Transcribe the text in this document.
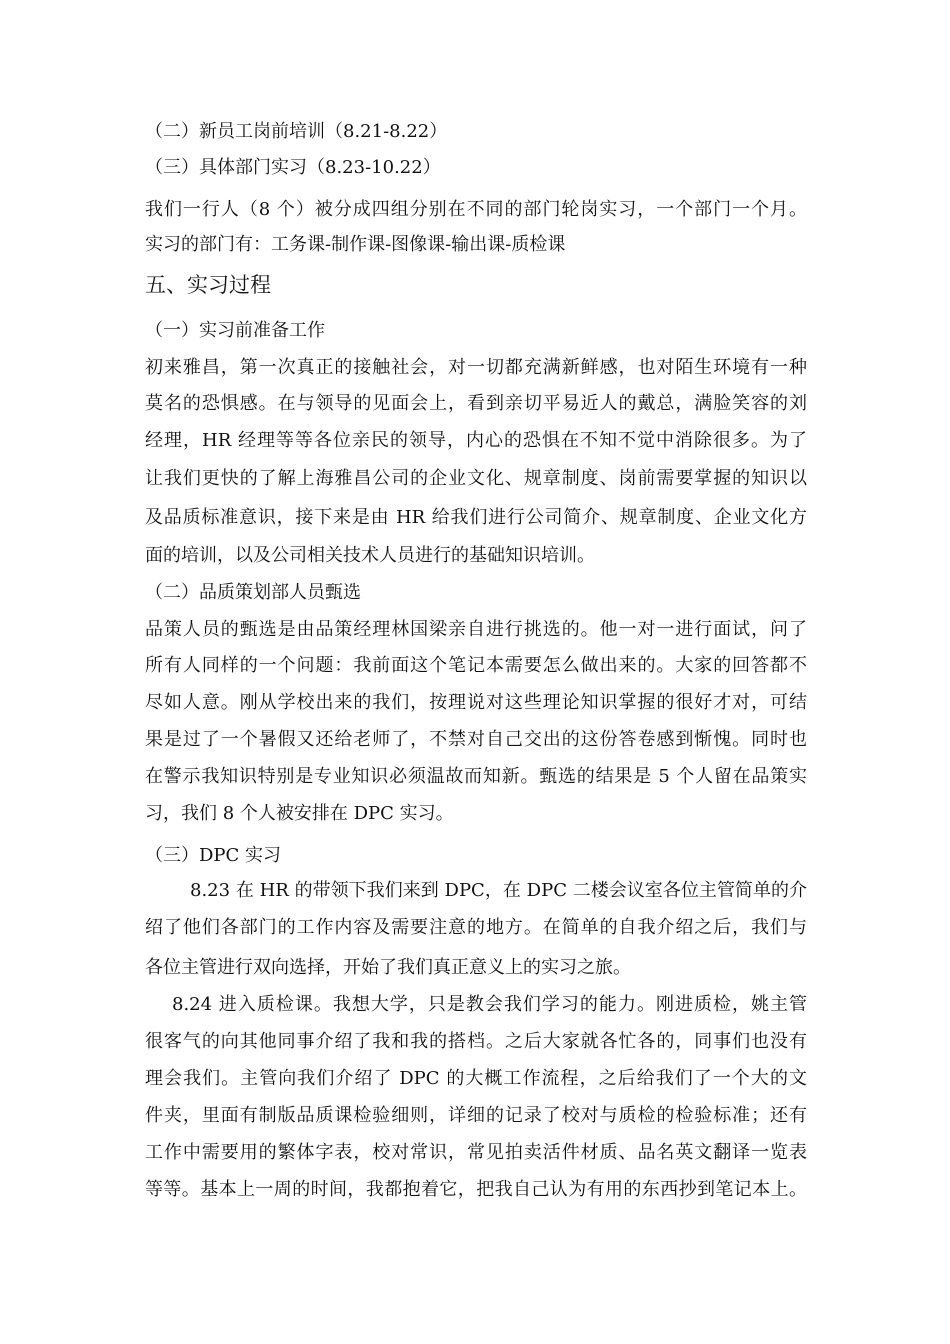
（二）新员工岗前培训（8.21-8.22）
（三）具体部门实习（8.23-10.22）
我们一行人（8 个）被分成四组分别在不同的部门轮岗实习，一个部门一个月。
实习的部门有：工务课-制作课-图像课-输出课-质检课
五、实习过程
（一）实习前准备工作
初来雅昌，第一次真正的接触社会，对一切都充满新鲜感，也对陌生环境有一种
莫名的恐惧感。在与领导的见面会上，看到亲切平易近人的戴总，满脸笑容的刘
经理，HR 经理等等各位亲民的领导，内心的恐惧在不知不觉中消除很多。为了
让我们更快的了解上海雅昌公司的企业文化、规章制度、岗前需要掌握的知识以
及品质标准意识，接下来是由 HR 给我们进行公司简介、规章制度、企业文化方
面的培训，以及公司相关技术人员进行的基础知识培训。
（二）品质策划部人员甄选
品策人员的甄选是由品策经理林国梁亲自进行挑选的。他一对一进行面试，问了
所有人同样的一个问题：我前面这个笔记本需要怎么做出来的。大家的回答都不
尽如人意。刚从学校出来的我们，按理说对这些理论知识掌握的很好才对，可结
果是过了一个暑假又还给老师了，不禁对自己交出的这份答卷感到惭愧。同时也
在警示我知识特别是专业知识必须温故而知新。甄选的结果是 5 个人留在品策实
习，我们 8 个人被安排在 DPC 实习。
（三）DPC 实习
8.23 在 HR 的带领下我们来到 DPC，在 DPC 二楼会议室各位主管简单的介
绍了他们各部门的工作内容及需要注意的地方。在简单的自我介绍之后，我们与
各位主管进行双向选择，开始了我们真正意义上的实习之旅。
8.24 进入质检课。我想大学，只是教会我们学习的能力。刚进质检，姚主管
很客气的向其他同事介绍了我和我的搭档。之后大家就各忙各的，同事们也没有
理会我们。主管向我们介绍了 DPC 的大概工作流程，之后给我们了一个大的文
件夹，里面有制版品质课检验细则，详细的记录了校对与质检的检验标准；还有
工作中需要用的繁体字表，校对常识，常见拍卖活件材质、品名英文翻译一览表
等等。基本上一周的时间，我都抱着它，把我自己认为有用的东西抄到笔记本上。
